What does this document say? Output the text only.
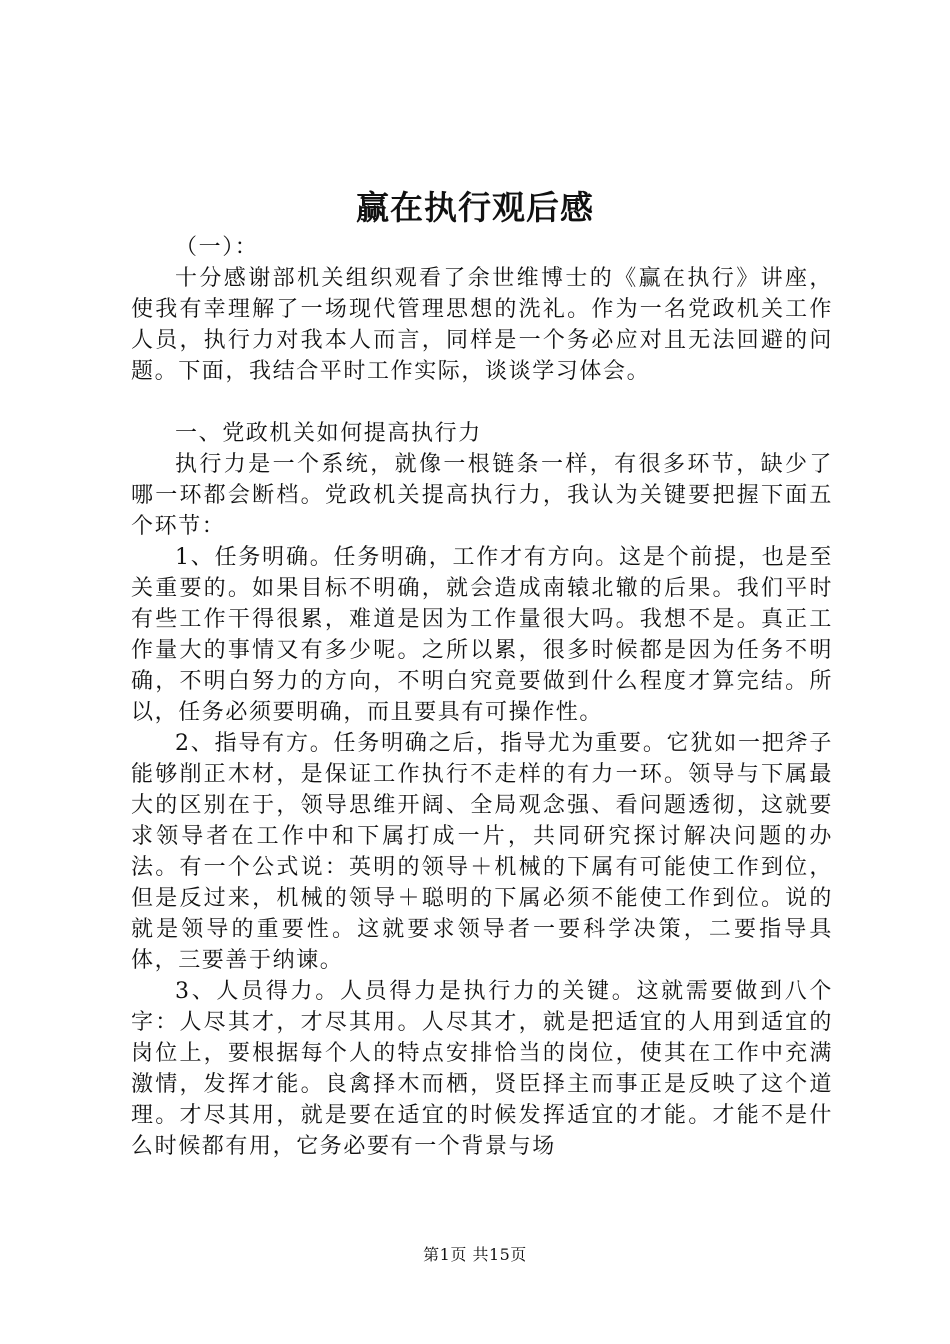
赢在执行观后感

（一）：

十分感谢部机关组织观看了余世维博士的《赢在执行》讲座，使我有幸理解了一场现代管理思想的洗礼。作为一名党政机关工作人员，执行力对我本人而言，同样是一个务必应对且无法回避的问题。下面，我结合平时工作实际，谈谈学习体会。

一、党政机关如何提高执行力

执行力是一个系统，就像一根链条一样，有很多环节，缺少了哪一环都会断档。党政机关提高执行力，我认为关键要把握下面五个环节：

1、任务明确。任务明确，工作才有方向。这是个前提，也是至关重要的。如果目标不明确，就会造成南辕北辙的后果。我们平时有些工作干得很累，难道是因为工作量很大吗。我想不是。真正工作量大的事情又有多少呢。之所以累，很多时候都是因为任务不明确，不明白努力的方向，不明白究竟要做到什么程度才算完结。所以，任务必须要明确，而且要具有可操作性。

2、指导有方。任务明确之后，指导尤为重要。它犹如一把斧子能够削正木材，是保证工作执行不走样的有力一环。领导与下属最大的区别在于，领导思维开阔、全局观念强、看问题透彻，这就要求领导者在工作中和下属打成一片，共同研究探讨解决问题的办法。有一个公式说：英明的领导＋机械的下属有可能使工作到位，但是反过来，机械的领导＋聪明的下属必须不能使工作到位。说的就是领导的重要性。这就要求领导者一要科学决策，二要指导具体，三要善于纳谏。

3、人员得力。人员得力是执行力的关键。这就需要做到八个字：人尽其才，才尽其用。人尽其才，就是把适宜的人用到适宜的岗位上，要根据每个人的特点安排恰当的岗位，使其在工作中充满激情，发挥才能。良禽择木而栖，贤臣择主而事正是反映了这个道理。才尽其用，就是要在适宜的时候发挥适宜的才能。才能不是什么时候都有用，它务必要有一个背景与场

第1页 共15页
